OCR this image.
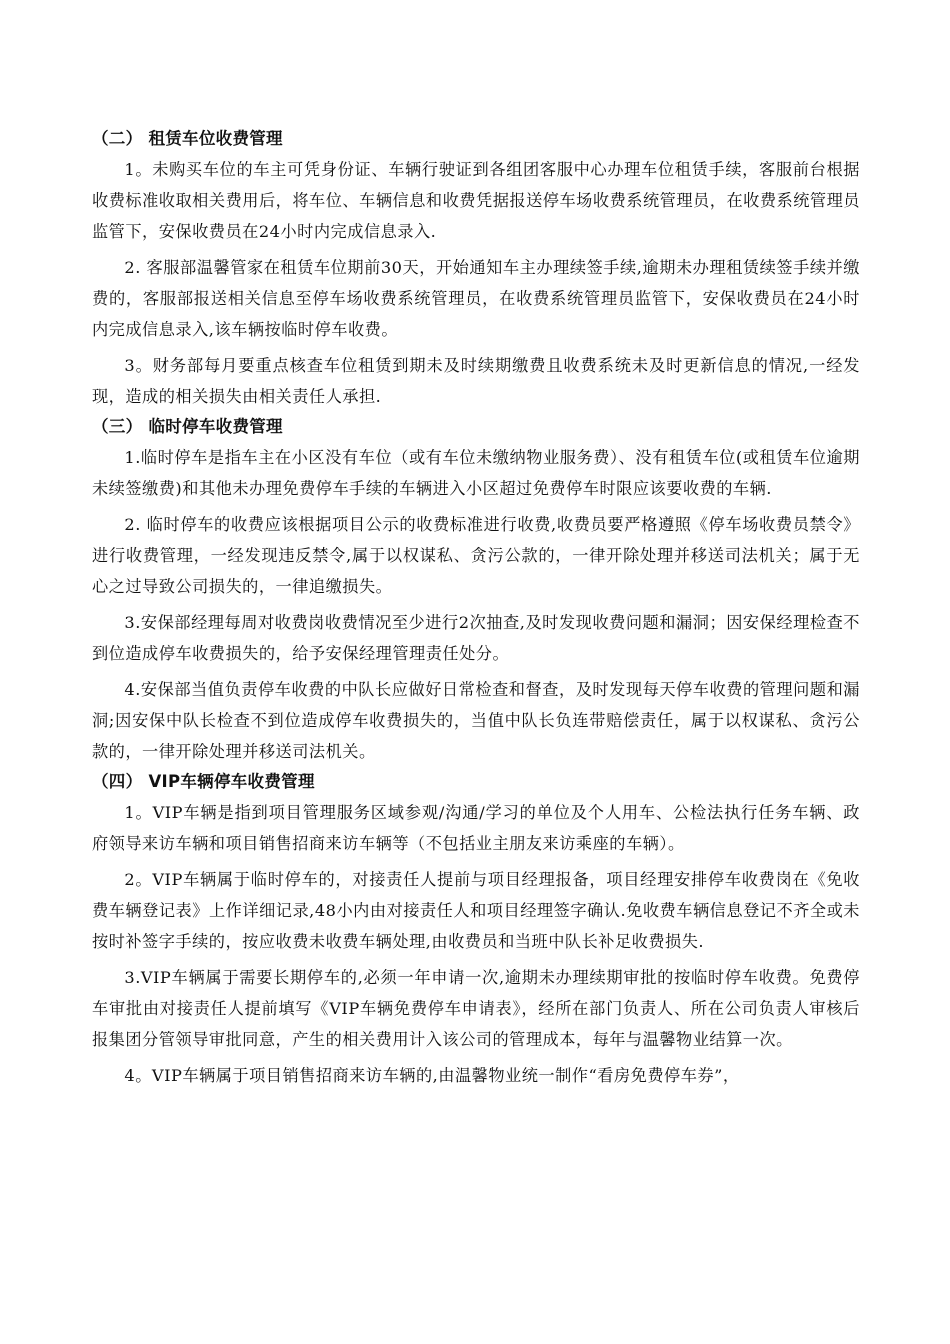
（二） 租赁车位收费管理

1。未购买车位的车主可凭身份证、车辆行驶证到各组团客服中心办理车位租赁手续，客服前台根据收费标准收取相关费用后，将车位、车辆信息和收费凭据报送停车场收费系统管理员，在收费系统管理员监管下，安保收费员在24小时内完成信息录入.

2. 客服部温馨管家在租赁车位期前30天，开始通知车主办理续签手续,逾期未办理租赁续签手续并缴费的，客服部报送相关信息至停车场收费系统管理员，在收费系统管理员监管下，安保收费员在24小时内完成信息录入,该车辆按临时停车收费。

3。财务部每月要重点核查车位租赁到期未及时续期缴费且收费系统未及时更新信息的情况,一经发现，造成的相关损失由相关责任人承担.

（三） 临时停车收费管理

1.临时停车是指车主在小区没有车位（或有车位未缴纳物业服务费）、没有租赁车位(或租赁车位逾期未续签缴费)和其他未办理免费停车手续的车辆进入小区超过免费停车时限应该要收费的车辆.

2. 临时停车的收费应该根据项目公示的收费标准进行收费,收费员要严格遵照《停车场收费员禁令》进行收费管理，一经发现违反禁令,属于以权谋私、贪污公款的，一律开除处理并移送司法机关；属于无心之过导致公司损失的，一律追缴损失。

3.安保部经理每周对收费岗收费情况至少进行2次抽查,及时发现收费问题和漏洞；因安保经理检查不到位造成停车收费损失的，给予安保经理管理责任处分。

4.安保部当值负责停车收费的中队长应做好日常检查和督查，及时发现每天停车收费的管理问题和漏洞;因安保中队长检查不到位造成停车收费损失的，当值中队长负连带赔偿责任，属于以权谋私、贪污公款的，一律开除处理并移送司法机关。

（四） VIP车辆停车收费管理

1。VIP车辆是指到项目管理服务区域参观/沟通/学习的单位及个人用车、公检法执行任务车辆、政府领导来访车辆和项目销售招商来访车辆等（不包括业主朋友来访乘座的车辆）。

2。VIP车辆属于临时停车的，对接责任人提前与项目经理报备，项目经理安排停车收费岗在《免收费车辆登记表》上作详细记录,48小内由对接责任人和项目经理签字确认.免收费车辆信息登记不齐全或未按时补签字手续的，按应收费未收费车辆处理,由收费员和当班中队长补足收费损失.

3.VIP车辆属于需要长期停车的,必须一年申请一次,逾期未办理续期审批的按临时停车收费。免费停车审批由对接责任人提前填写《VIP车辆免费停车申请表》，经所在部门负责人、所在公司负责人审核后报集团分管领导审批同意，产生的相关费用计入该公司的管理成本，每年与温馨物业结算一次。

4。VIP车辆属于项目销售招商来访车辆的,由温馨物业统一制作“看房免费停车券”，
